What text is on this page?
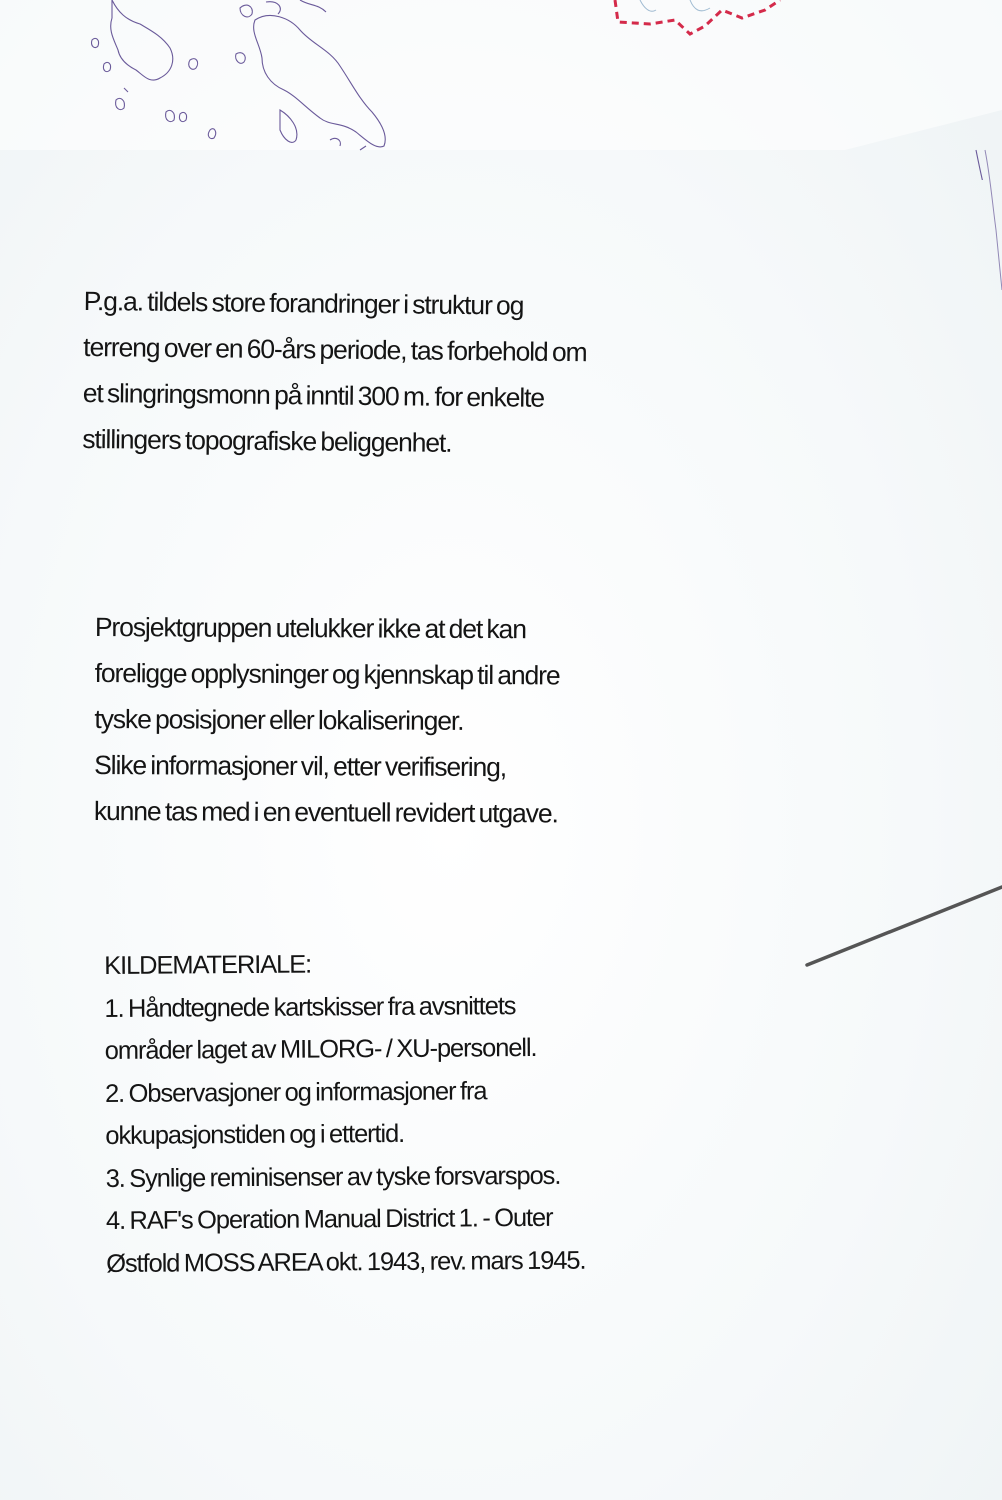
P.g.a. tildels store forandringer i struktur og
terreng over en 60-års periode, tas forbehold om
et slingringsmonn på inntil 300 m. for enkelte
stillingers topografiske beliggenhet.

Prosjektgruppen utelukker ikke at det kan
foreligge opplysninger og kjennskap til andre
tyske posisjoner eller lokaliseringer.
Slike informasjoner vil, etter verifisering,
kunne tas med i en eventuell revidert utgave.

KILDEMATERIALE:
1. Håndtegnede kartskisser fra avsnittets
områder laget av MILORG- / XU-personell.
2. Observasjoner og informasjoner fra
okkupasjonstiden og i ettertid.
3. Synlige reminisenser av tyske forsvarspos.
4. RAF's Operation Manual District 1. - Outer
Østfold MOSS AREA okt. 1943, rev. mars 1945.
